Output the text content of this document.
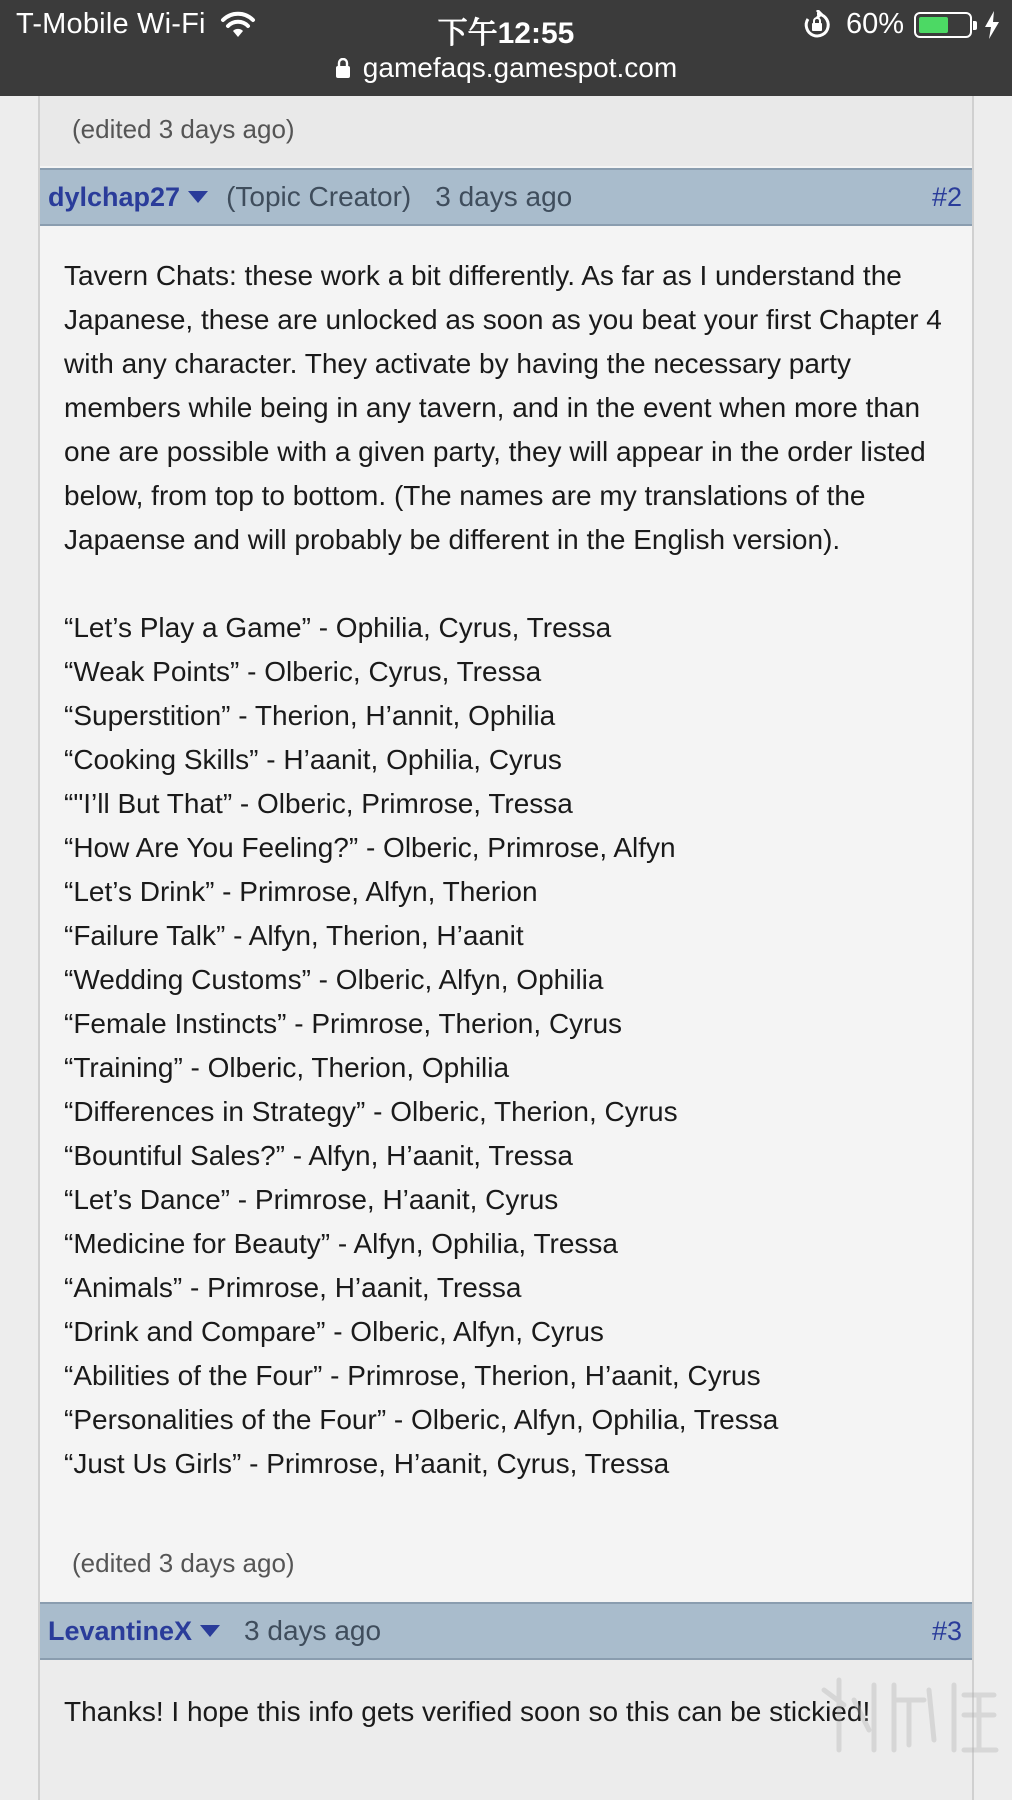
T-Mobile Wi-Fi	下午12:55	60%
gamefaqs.gamespot.com
(edited 3 days ago)
dylchap27 (Topic Creator) 3 days ago	#2

Tavern Chats: these work a bit differently. As far as I understand the Japanese, these are unlocked as soon as you beat your first Chapter 4 with any character. They activate by having the necessary party members while being in any tavern, and in the event when more than one are possible with a given party, they will appear in the order listed below, from top to bottom. (The names are my translations of the Japaense and will probably be different in the English version).

“Let’s Play a Game” - Ophilia, Cyrus, Tressa
“Weak Points” - Olberic, Cyrus, Tressa
“Superstition” - Therion, H’annit, Ophilia
“Cooking Skills” - H’aanit, Ophilia, Cyrus
“"I’ll But That” - Olberic, Primrose, Tressa
“How Are You Feeling?” - Olberic, Primrose, Alfyn
“Let’s Drink” - Primrose, Alfyn, Therion
“Failure Talk” - Alfyn, Therion, H’aanit
“Wedding Customs” - Olberic, Alfyn, Ophilia
“Female Instincts” - Primrose, Therion, Cyrus
“Training” - Olberic, Therion, Ophilia
“Differences in Strategy” - Olberic, Therion, Cyrus
“Bountiful Sales?” - Alfyn, H’aanit, Tressa
“Let’s Dance” - Primrose, H’aanit, Cyrus
“Medicine for Beauty” - Alfyn, Ophilia, Tressa
“Animals” - Primrose, H’aanit, Tressa
“Drink and Compare” - Olberic, Alfyn, Cyrus
“Abilities of the Four” - Primrose, Therion, H’aanit, Cyrus
“Personalities of the Four” - Olberic, Alfyn, Ophilia, Tressa
“Just Us Girls” - Primrose, H’aanit, Cyrus, Tressa
(edited 3 days ago)
LevantineX 3 days ago	#3

Thanks! I hope this info gets verified soon so this can be stickied!
